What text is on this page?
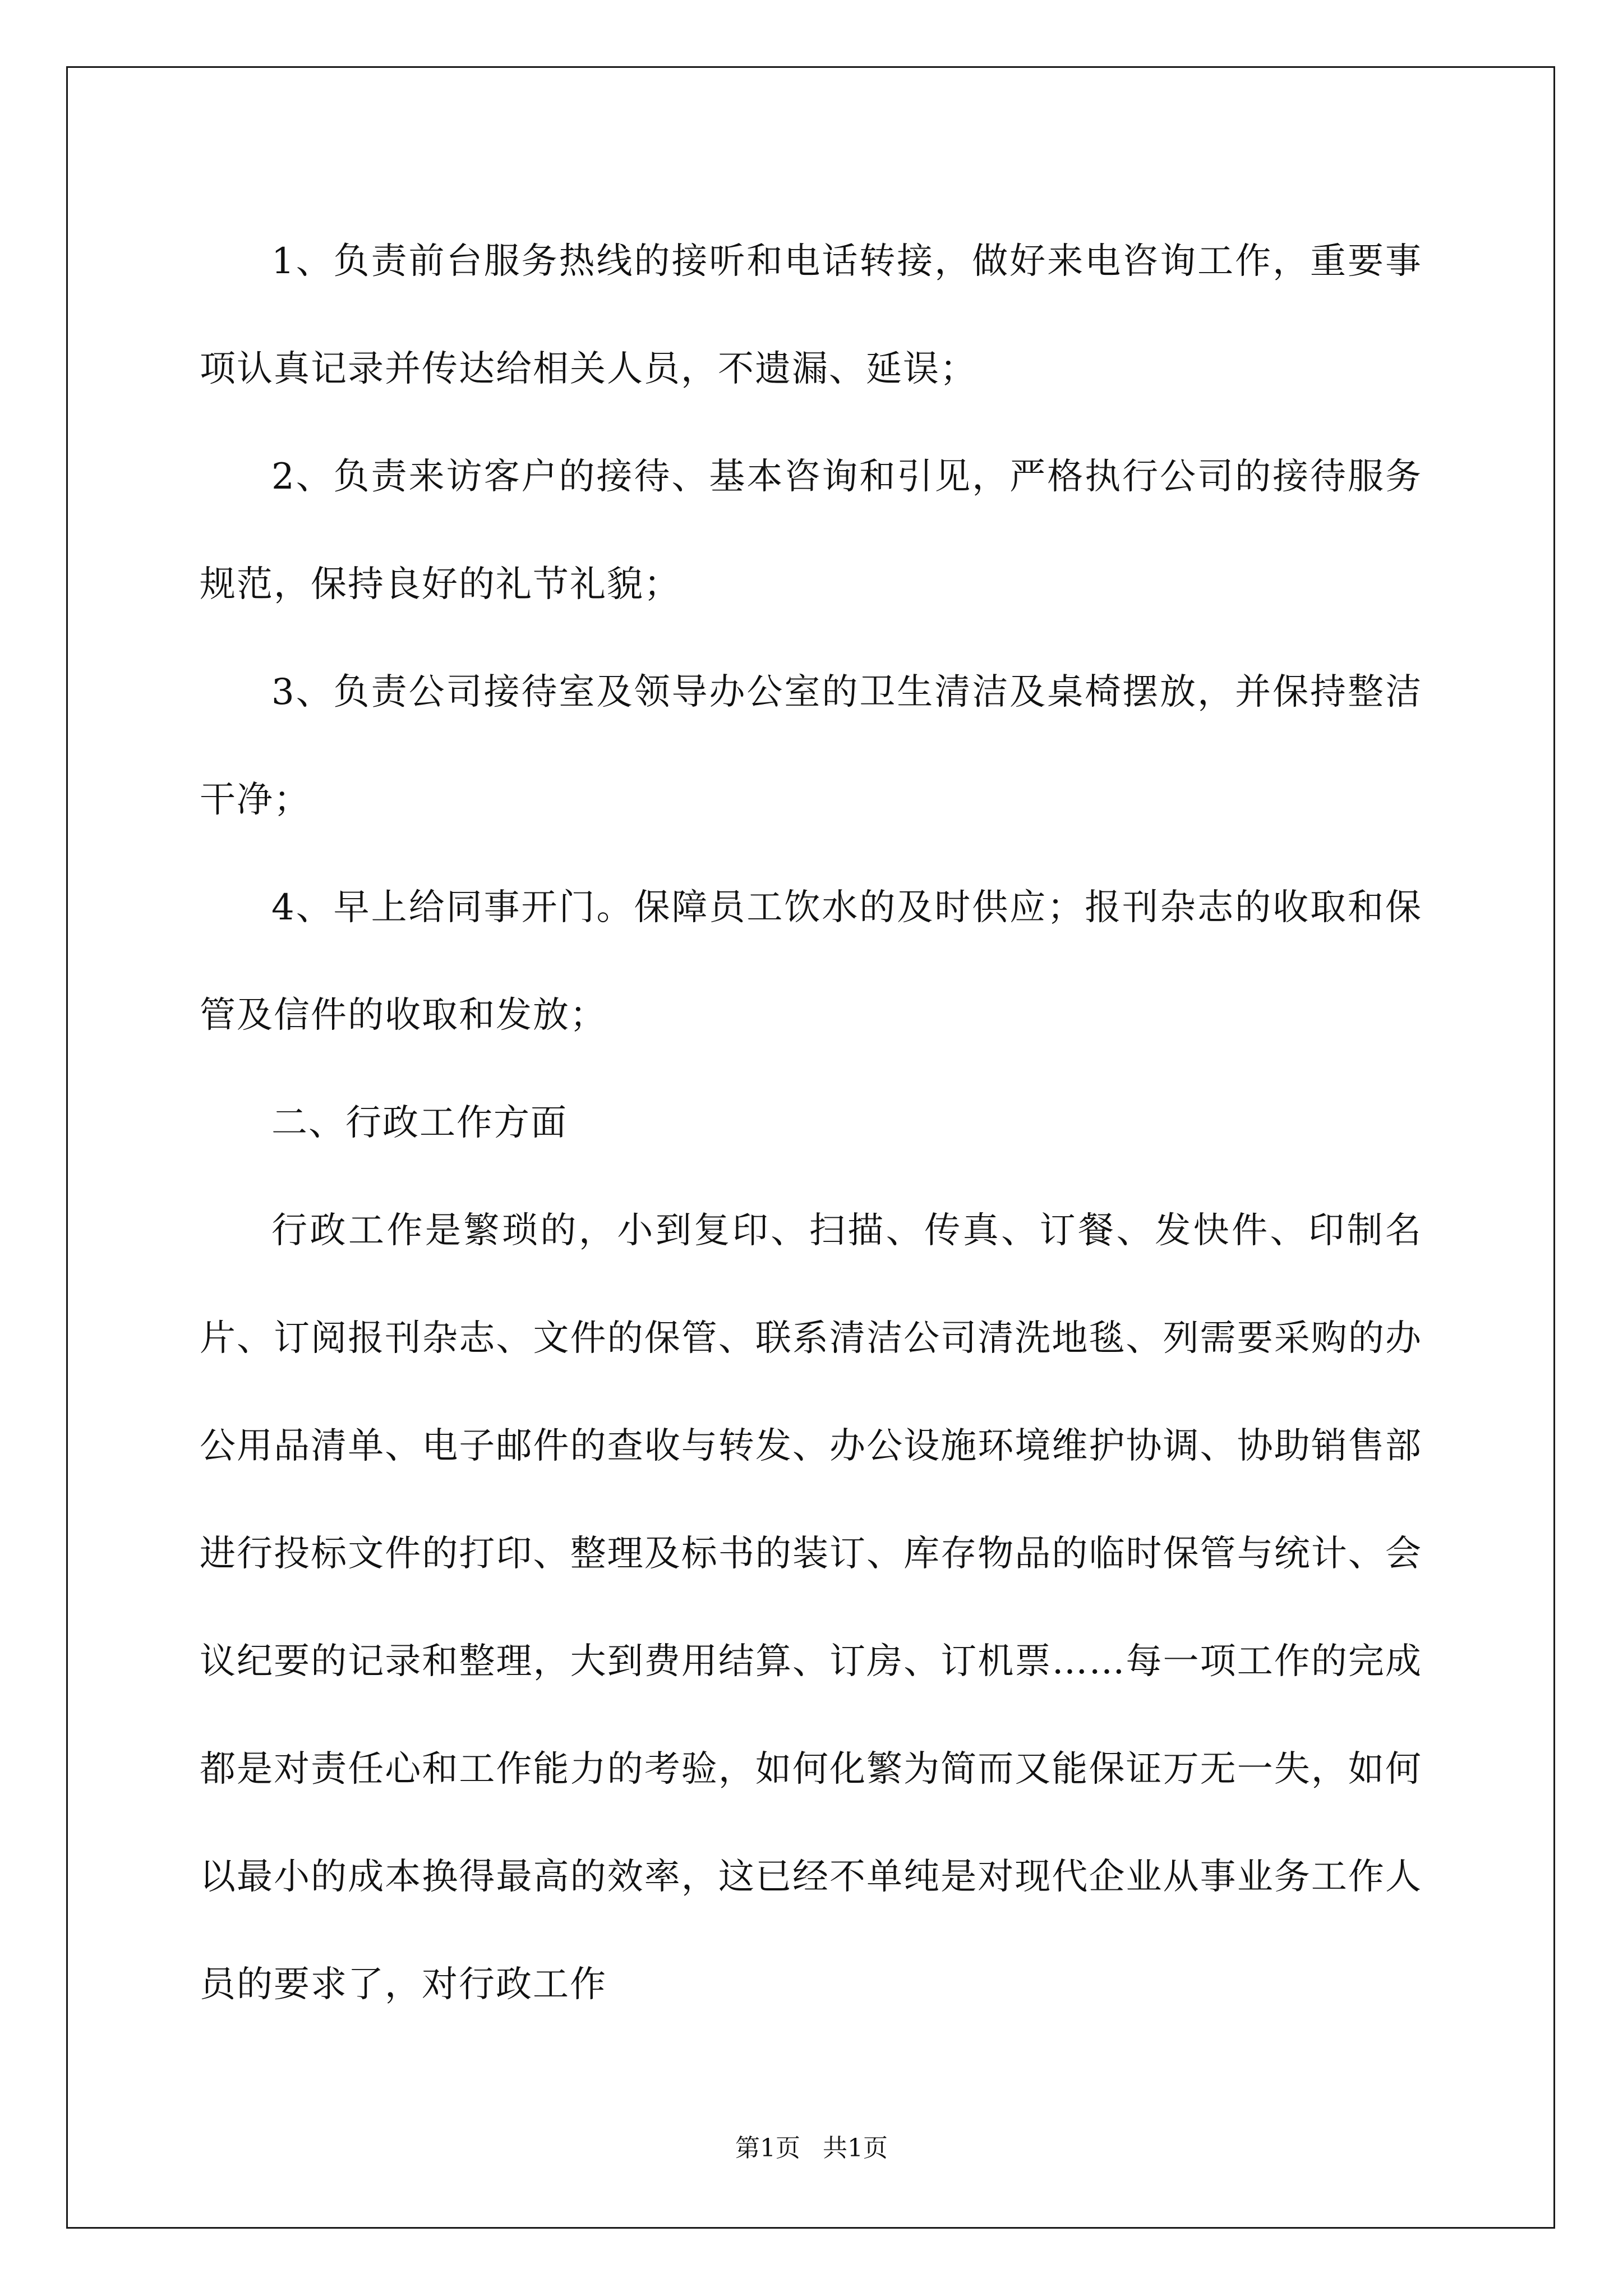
1、负责前台服务热线的接听和电话转接，做好来电咨询工作，重要事项认真记录并传达给相关人员，不遗漏、延误；

2、负责来访客户的接待、基本咨询和引见，严格执行公司的接待服务规范，保持良好的礼节礼貌；

3、负责公司接待室及领导办公室的卫生清洁及桌椅摆放，并保持整洁干净；

4、早上给同事开门。保障员工饮水的及时供应；报刊杂志的收取和保管及信件的收取和发放；

二、行政工作方面

行政工作是繁琐的，小到复印、扫描、传真、订餐、发快件、印制名片、订阅报刊杂志、文件的保管、联系清洁公司清洗地毯、列需要采购的办公用品清单、电子邮件的查收与转发、办公设施环境维护协调、协助销售部进行投标文件的打印、整理及标书的装订、库存物品的临时保管与统计、会议纪要的记录和整理，大到费用结算、订房、订机票……每一项工作的完成都是对责任心和工作能力的考验，如何化繁为简而又能保证万无一失，如何以最小的成本换得最高的效率，这已经不单纯是对现代企业从事业务工作人员的要求了，对行政工作

第1页 共1页
